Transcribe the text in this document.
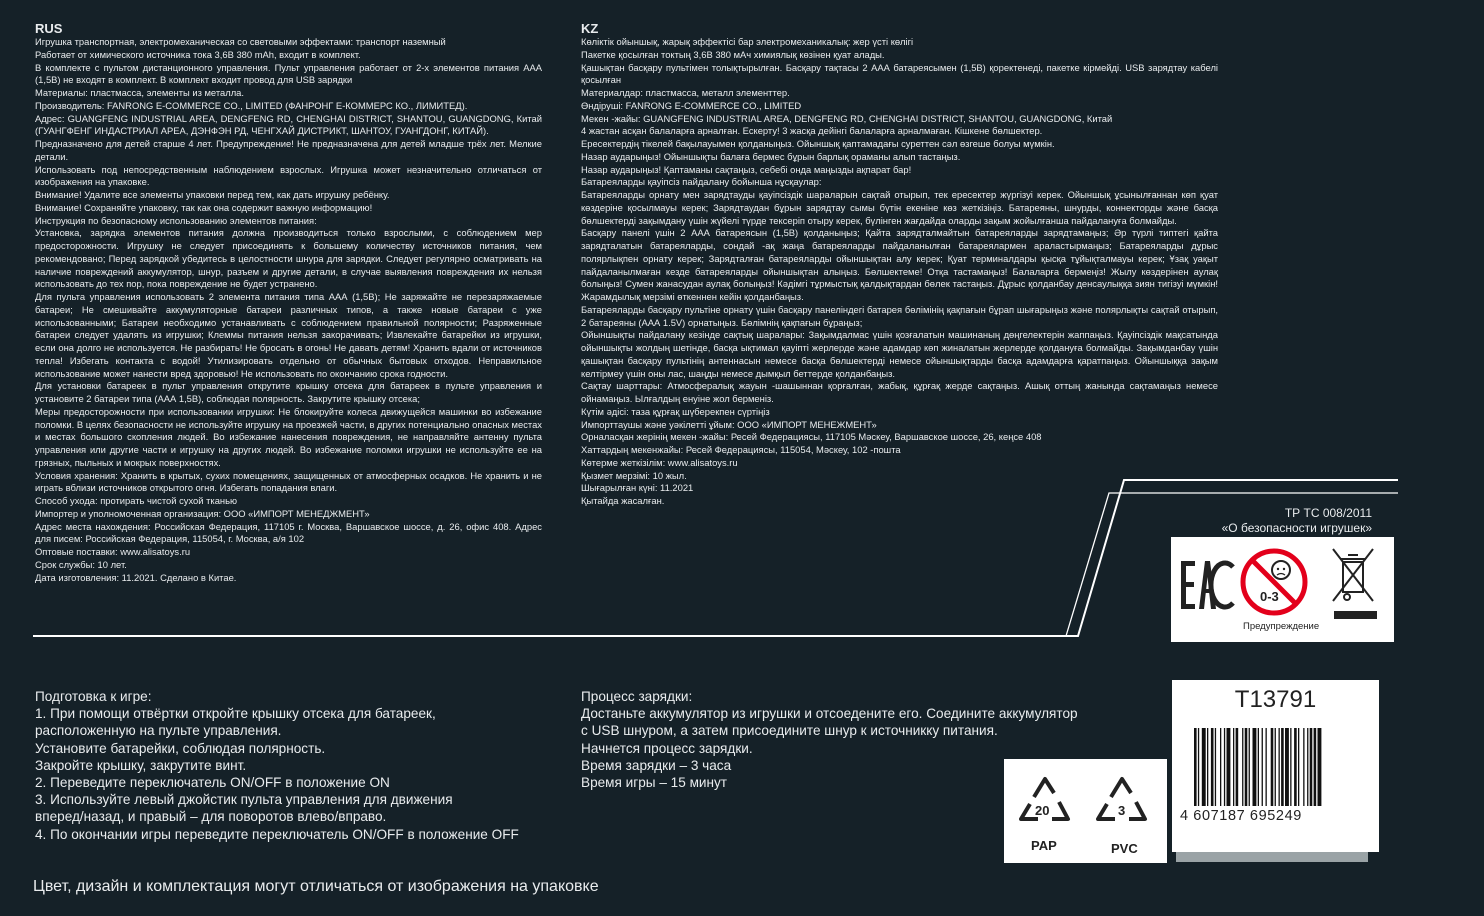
RUS

Игрушка транспортная, электромеханическая со световыми эффектами: транспорт наземный

Работает от химического источника тока 3,6В 380 mAh, входит в комплект.

В комплекте с пультом дистанционного управления. Пульт управления работает от 2-х элементов питания ААА (1,5В) не входят в комплект. В комплект входит провод для USB зарядки

Материалы: пластмасса, элементы из металла.

Производитель: FANRONG E-COMMERCE CO., LIMITED (ФАНРОНГ Е-КОММЕРС КО., ЛИМИТЕД).

Адрес: GUANGFENG INDUSTRIAL AREA, DENGFENG RD, CHENGHAI DISTRICT, SHANTOU, GUANGDONG, Китай (ГУАНГФЕНГ ИНДАСТРИАЛ АРЕА, ДЭНФЭН РД, ЧЕНГХАЙ ДИСТРИКТ, ШАНТОУ, ГУАНГДОНГ, КИТАЙ).

Предназначено для детей старше 4 лет. Предупреждение! Не предназначена для детей младше трёх лет. Мелкие детали.

Использовать под непосредственным наблюдением взрослых. Игрушка может незначительно отличаться от изображения на упаковке.

Внимание! Удалите все элементы упаковки перед тем, как дать игрушку ребёнку.

Внимание! Сохраняйте упаковку, так как она содержит важную информацию!

Инструкция по безопасному использованию элементов питания:

Установка, зарядка элементов питания должна производиться только взрослыми, с соблюдением мер предосторожности. Игрушку не следует присоединять к большему количеству источников питания, чем рекомендовано; Перед зарядкой убедитесь в целостности шнура для зарядки. Следует регулярно осматривать на наличие повреждений аккумулятор, шнур, разъем и другие детали, в случае выявления повреждения их нельзя использовать до тех пор, пока повреждение не будет устранено.

Для пульта управления использовать 2 элемента питания типа ААА (1,5В); Не заряжайте не перезаряжаемые батареи; Не смешивайте аккумуляторные батареи различных типов, а также новые батареи с уже использованными; Батареи необходимо устанавливать с соблюдением правильной полярности; Разряженные батареи следует удалять из игрушки; Клеммы питания нельзя закорачивать; Извлекайте батарейки из игрушки, если она долго не используется. Не разбирать! Не бросать в огонь! Не давать детям! Хранить вдали от источников тепла! Избегать контакта с водой! Утилизировать отдельно от обычных бытовых отходов. Неправильное использование может нанести вред здоровью! Не использовать по окончанию срока годности.

Для установки батареек в пульт управления открутите крышку отсека для батареек в пульте управления и установите 2 батареи типа (ААА 1,5В), соблюдая полярность. Закрутите крышку отсека;

Меры предосторожности при использовании игрушки: Не блокируйте колеса движущейся машинки во избежание поломки. В целях безопасности не используйте игрушку на проезжей части, в других потенциально опасных местах и местах большого скопления людей. Во избежание нанесения повреждения, не направляйте антенну пульта управления или другие части и игрушку на других людей. Во избежание поломки игрушки не используйте ее на грязных, пыльных и мокрых поверхностях.

Условия хранения: Хранить в крытых, сухих помещениях, защищенных от атмосферных осадков. Не хранить и не играть вблизи источников открытого огня. Избегать попадания влаги.

Способ ухода: протирать чистой сухой тканью

Импортер и уполномоченная организация: ООО «ИМПОРТ МЕНЕДЖМЕНТ»

Адрес места нахождения: Российская Федерация, 117105 г. Москва, Варшавское шоссе, д. 26, офис 408. Адрес для писем: Российская Федерация, 115054, г. Москва, а/я 102

Оптовые поставки: www.alisatoys.ru

Срок службы: 10 лет.

Дата изготовления: 11.2021. Сделано в Китае.

KZ

Көліктік ойыншық, жарық эффектісі бар электромеханикалық: жер үсті көлігі

Пакетке қосылған токтың 3,6В 380 мАч химиялық көзінен қуат алады.

Қашықтан басқару пультімен толықтырылған. Басқару тақтасы 2 ААА батареясымен (1,5В) қоректенеді, пакетке кірмейді. USB зарядтау кабелі қосылған

Материалдар: пластмасса, металл элементтер.

Өндіруші: FANRONG E-COMMERCE CO., LIMITED

Мекен -жайы: GUANGFENG INDUSTRIAL AREA, DENGFENG RD, CHENGHAI DISTRICT, SHANTOU, GUANGDONG, Китай

4 жастан асқан балаларға арналған. Ескерту! 3 жасқа дейінгі балаларға арналмаған. Кішкене бөлшектер.

Ересектердің тікелей бақылауымен қолданыңыз. Ойыншық қаптамадағы суреттен сәл өзгеше болуы мүмкін.

Назар аударыңыз! Ойыншықты балаға бермес бұрын барлық ораманы алып тастаңыз.

Назар аударыңыз! Қаптаманы сақтаңыз, себебі онда маңызды ақпарат бар!

Батареяларды қауіпсіз пайдалану бойынша нұсқаулар:

Батареяларды орнату мен зарядтауды қауіпсіздік шараларын сақтай отырып, тек ересектер жүргізуі керек. Ойыншық ұсынылғаннан көп қуат көздеріне қосылмауы керек; Зарядтаудан бұрын зарядтау сымы бүтін екеніне көз жеткізіңіз. Батареяны, шнурды, коннекторды және басқа бөлшектерді зақымдану үшін жүйелі түрде тексеріп отыру керек, бүлінген жағдайда оларды зақым жойылғанша пайдалануға болмайды.

Басқару панелі үшін 2 ААА батареясын (1,5В) қолданыңыз; Қайта зарядталмайтын батареяларды зарядтамаңыз; Әр түрлі типтегі қайта зарядталатын батареяларды, сондай -ақ жаңа батареяларды пайдаланылған батареялармен араластырмаңыз; Батареяларды дұрыс полярлықпен орнату керек; Зарядталған батареяларды ойыншықтан алу керек; Қуат терминалдары қысқа тұйықталмауы керек; Ұзақ уақыт пайдаланылмаған кезде батареяларды ойыншықтан алыңыз. Бөлшектеме! Отқа тастамаңыз! Балаларға бермеңіз! Жылу көздерінен аулақ болыңыз! Сумен жанасудан аулақ болыңыз! Кәдімгі тұрмыстық қалдықтардан бөлек тастаңыз. Дұрыс қолданбау денсаулыққа зиян тигізуі мүмкін! Жарамдылық мерзімі өткеннен кейін қолданбаңыз.

Батареяларды басқару пультіне орнату үшін басқару панеліндегі батарея бөлімінің қақпағын бұрап шығарыңыз және полярлықты сақтай отырып, 2 батареяны (ААА 1.5V) орнатыңыз. Бөлімнің қақпағын бұраңыз;

Ойыншықты пайдалану кезінде сақтық шаралары: Зақымдалмас үшін қозғалатын машинаның дөңгелектерін жаппаңыз. Қауіпсіздік мақсатында ойыншықты жолдың шетінде, басқа ықтимал қауіпті жерлерде және адамдар көп жиналатын жерлерде қолдануға болмайды. Зақымданбау үшін қашықтан басқару пультінің антеннасын немесе басқа бөлшектерді немесе ойыншықтарды басқа адамдарға қаратпаңыз. Ойыншыққа зақым келтірмеу үшін оны лас, шаңды немесе дымқыл беттерде қолданбаңыз.

Сақтау шарттары: Атмосфералық жауын -шашыннан қорғалған, жабық, құрғақ жерде сақтаңыз. Ашық оттың жанында сақтамаңыз немесе ойнамаңыз. Ылғалдың енуіне жол берменіз.

Күтім әдісі: таза құрғақ шүберекпен сүртіңіз

Импорттаушы және уәкілетті ұйым: ООО «ИМПОРТ МЕНЕЖМЕНТ»

Орналасқан жерінің мекен -жайы: Ресей Федерациясы, 117105 Мәскеу, Варшавское шоссе, 26, кеңсе 408

Хаттардың мекенжайы: Ресей Федерациясы, 115054, Мәскеу, 102 -пошта

Көтерме жеткізілім: www.alisatoys.ru

Қызмет мерзімі: 10 жыл.

Шығарылған күні: 11.2021

Қытайда жасалған.

ТР ТС 008/2011

«О безопасности игрушек»

0-3
Предупреждение

Подготовка к игре:

1. При помощи отвёртки откройте крышку отсека для батареек,

расположенную на пульте управления.

Установите батарейки, соблюдая полярность.

Закройте крышку, закрутите винт.

2. Переведите переключатель ON/OFF в положение ON

3. Используйте левый джойстик пульта управления для движения

вперед/назад, и правый – для поворотов влево/вправо.

4. По окончании игры переведите переключатель ON/OFF в положение OFF

Процесс зарядки:

Достаньте аккумулятор из игрушки и отсоедените его. Соедините аккумулятор

с USB шнуром, а затем присоедините шнур к источникку питания.

Начнется процесс зарядки.

Время зарядки – 3 часа

Время игры – 15 минут

20
PAP
3
PVC
T13791
4 607187 695249
Цвет, дизайн и комплектация могут отличаться от изображения на упаковке
